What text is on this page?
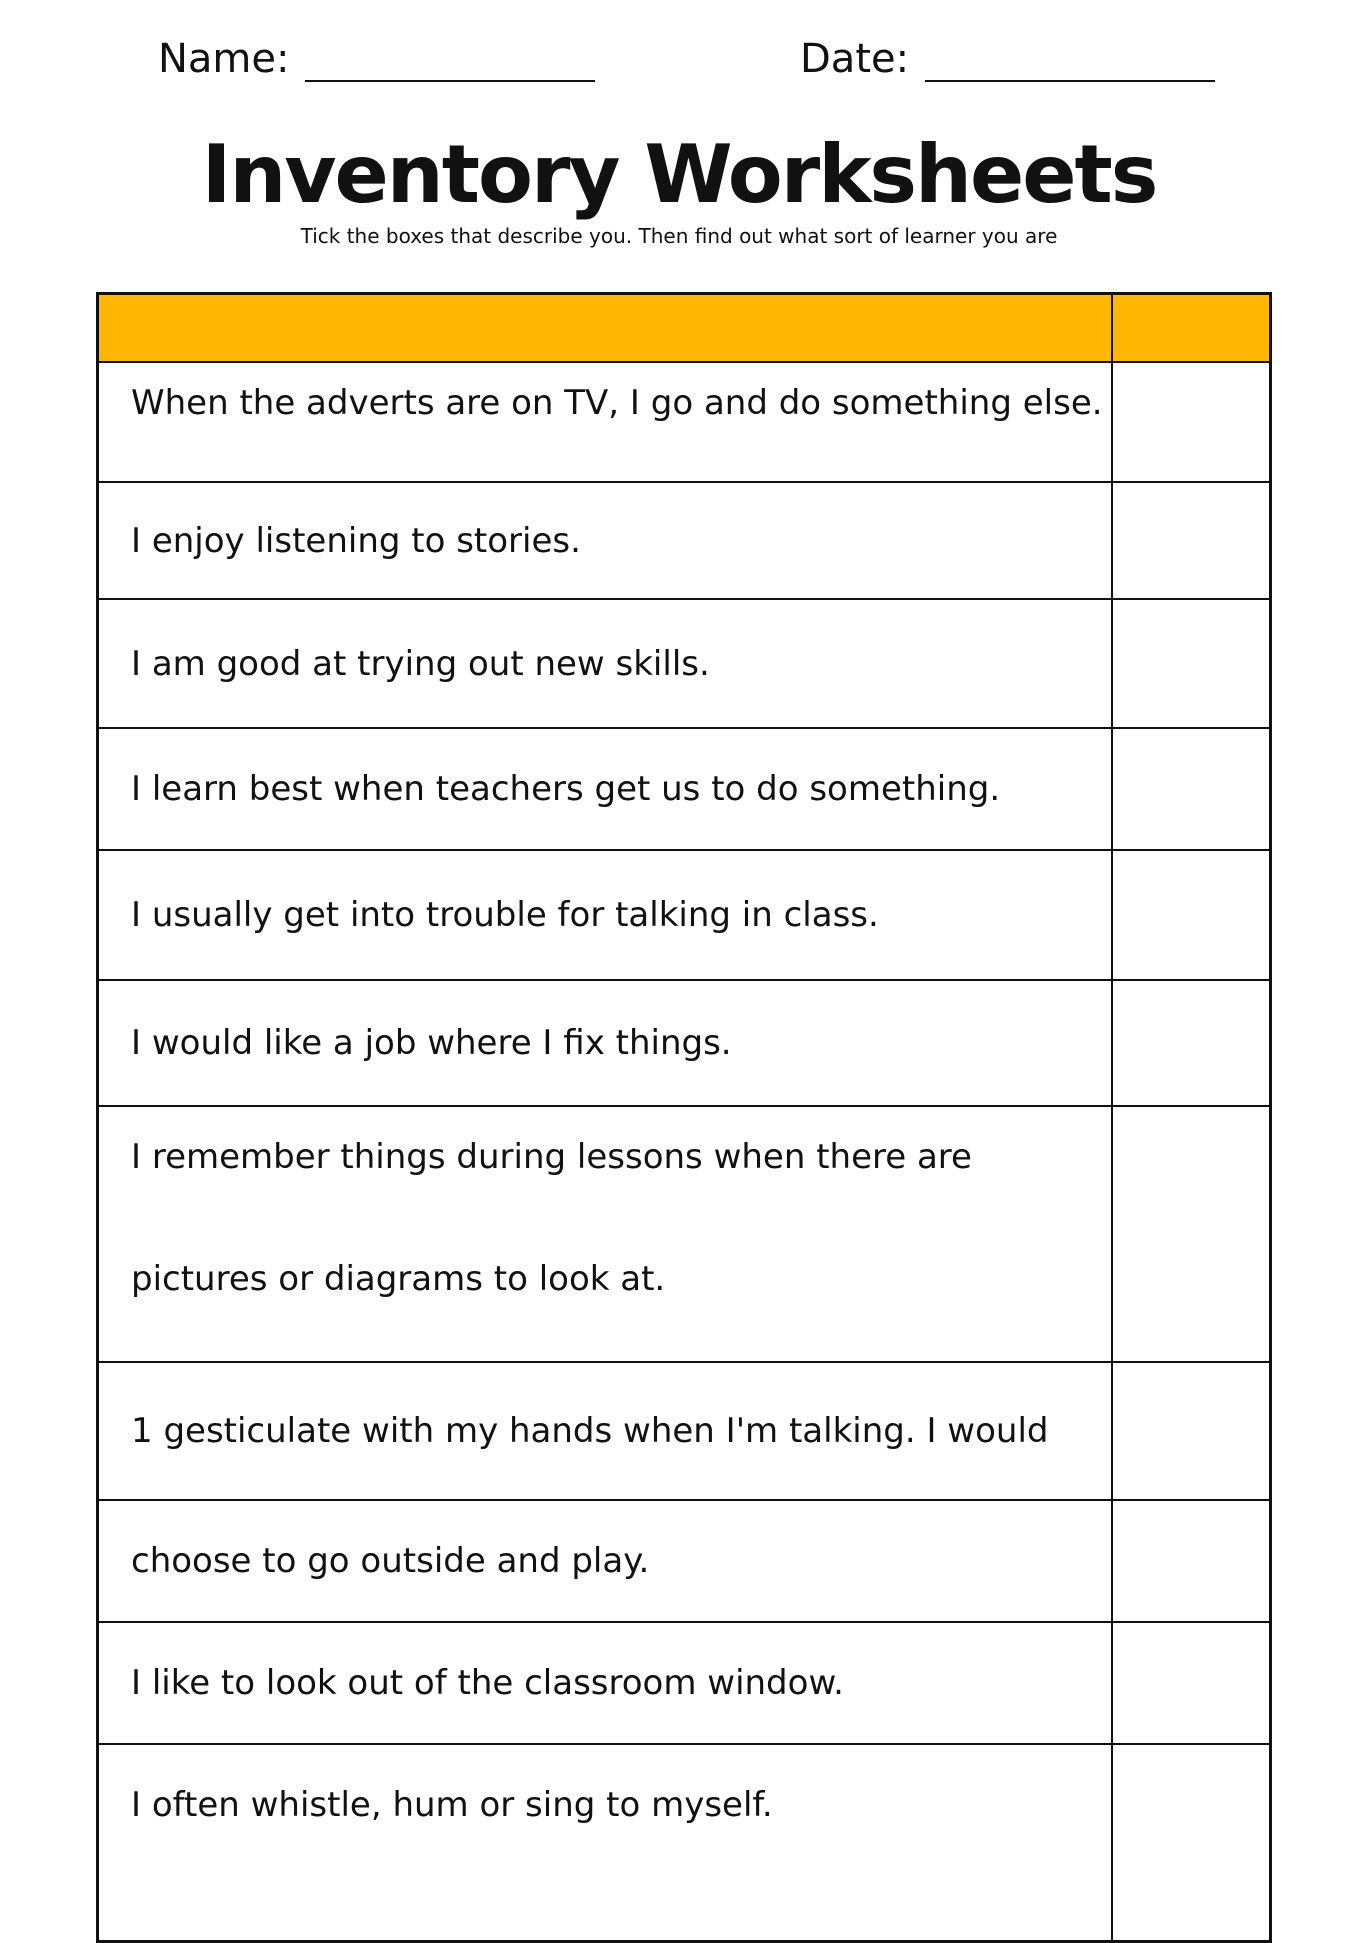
Name:	Date:
Inventory Worksheets

Tick the boxes that describe you. Then find out what sort of learner you are

When the adverts are on TV, I go and do something else.	
I enjoy listening to stories.	
I am good at trying out new skills.	
I learn best when teachers get us to do something.	
I usually get into trouble for talking in class.	
I would like a job where I fix things.	
I remember things during lessons when there are
pictures or diagrams to look at.	

1 gesticulate with my hands when I'm talking. I would	
choose to go outside and play.	
I like to look out of the classroom window.	
I often whistle, hum or sing to myself.	
